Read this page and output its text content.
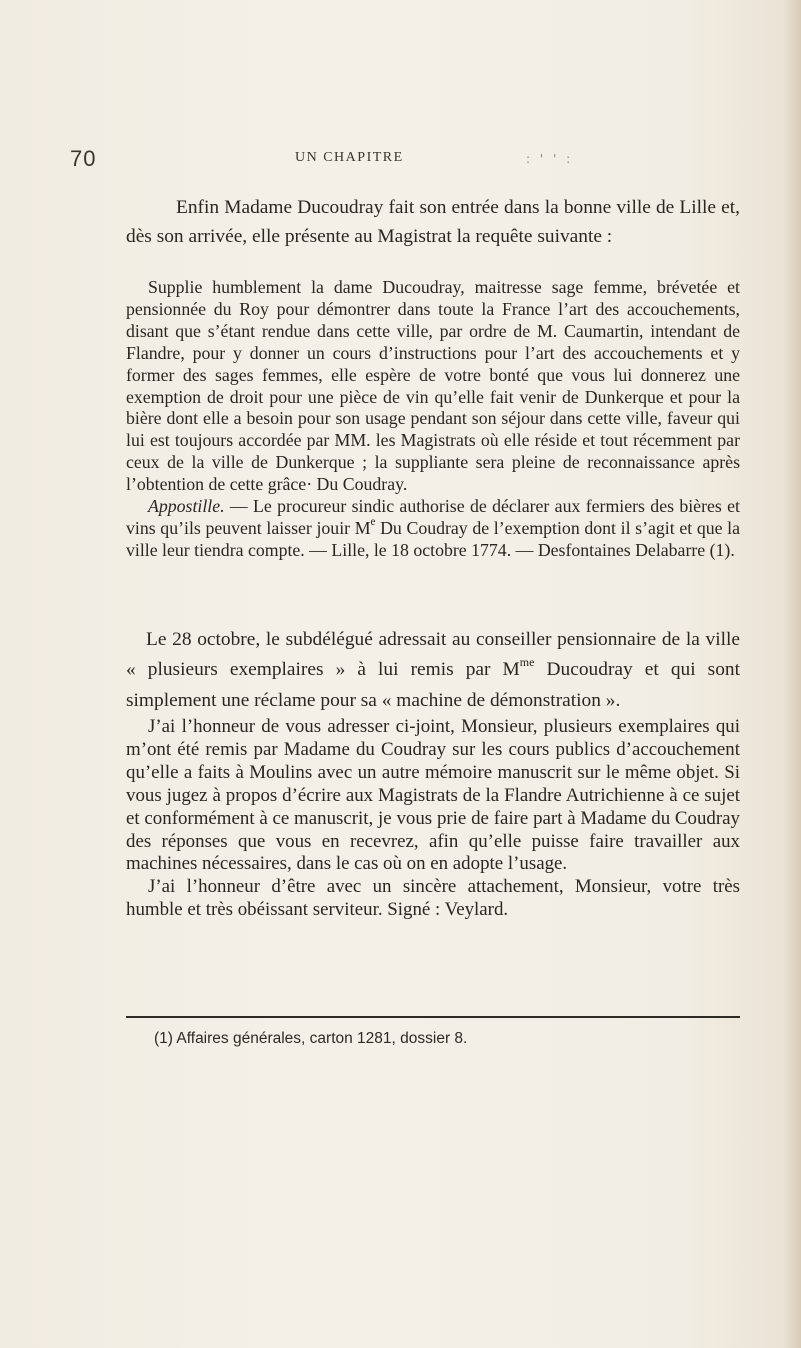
70	UN CHAPITRE	: ' ' :

Enfin Madame Ducoudray fait son entrée dans la bonne ville de Lille et, dès son arrivée, elle présente au Magistrat la requête suivante :

Supplie humblement la dame Ducoudray, maitresse sage femme, brévetée et pensionnée du Roy pour démontrer dans toute la France l’art des accouchements, disant que s’étant rendue dans cette ville, par ordre de M. Caumartin, intendant de Flandre, pour y donner un cours d’instructions pour l’art des accouchements et y former des sages femmes, elle espère de votre bonté que vous lui donnerez une exemption de droit pour une pièce de vin qu’elle fait venir de Dunkerque et pour la bière dont elle a besoin pour son usage pendant son séjour dans cette ville, faveur qui lui est toujours accordée par MM. les Magistrats où elle réside et tout récemment par ceux de la ville de Dunkerque ; la suppliante sera pleine de reconnaissance après l’obtention de cette grâce· Du Coudray.

Appostille. — Le procureur sindic authorise de déclarer aux fermiers des bières et vins qu’ils peuvent laisser jouir Me Du Coudray de l’exemption dont il s’agit et que la ville leur tiendra compte. — Lille, le 18 octobre 1774. — Desfontaines Delabarre (1).

Le 28 octobre, le subdélégué adressait au conseiller pensionnaire de la ville « plusieurs exemplaires » à lui remis par $M^{me}$ Ducoudray et qui sont simplement une réclame pour sa « machine de démonstration ».

J’ai l’honneur de vous adresser ci-joint, Monsieur, plusieurs exemplaires qui m’ont été remis par Madame du Coudray sur les cours publics d’accouchement qu’elle a faits à Moulins avec un autre mémoire manuscrit sur le même objet. Si vous jugez à propos d’écrire aux Magistrats de la Flandre Autrichienne à ce sujet et conformément à ce manuscrit, je vous prie de faire part à Madame du Coudray des réponses que vous en recevrez, afin qu’elle puisse faire travailler aux machines nécessaires, dans le cas où on en adopte l’usage.

J’ai l’honneur d’être avec un sincère attachement, Monsieur, votre très humble et très obéissant serviteur. Signé : Veylard.

(1) Affaires générales, carton 1281, dossier 8.
